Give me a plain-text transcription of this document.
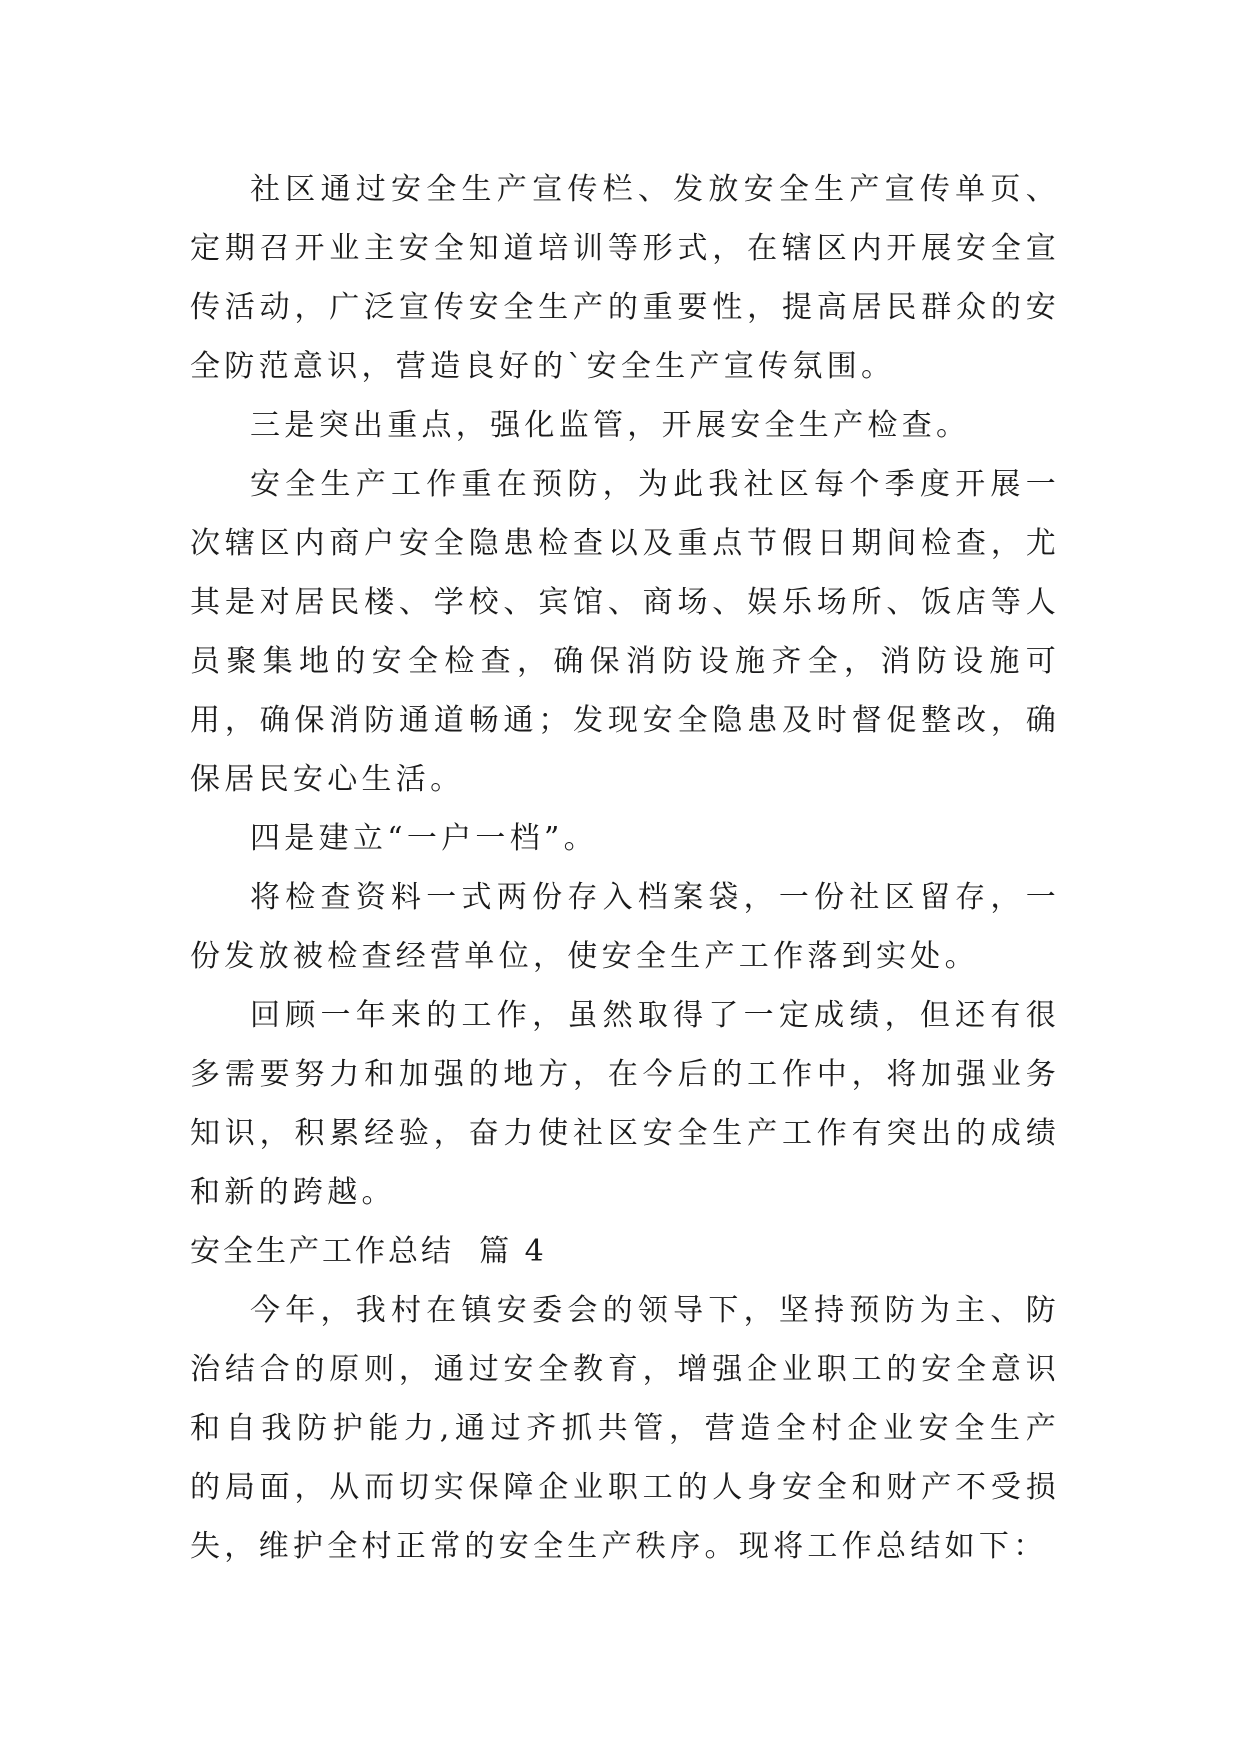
社区通过安全生产宣传栏、发放安全生产宣传单页、定期召开业主安全知道培训等形式，在辖区内开展安全宣传活动，广泛宣传安全生产的重要性，提高居民群众的安全防范意识，营造良好的`安全生产宣传氛围。

三是突出重点，强化监管，开展安全生产检查。

安全生产工作重在预防，为此我社区每个季度开展一次辖区内商户安全隐患检查以及重点节假日期间检查，尤其是对居民楼、学校、宾馆、商场、娱乐场所、饭店等人员聚集地的安全检查，确保消防设施齐全，消防设施可用，确保消防通道畅通；发现安全隐患及时督促整改，确保居民安心生活。

四是建立“一户一档”。

将检查资料一式两份存入档案袋，一份社区留存，一份发放被检查经营单位，使安全生产工作落到实处。

回顾一年来的工作，虽然取得了一定成绩，但还有很多需要努力和加强的地方，在今后的工作中，将加强业务知识，积累经验，奋力使社区安全生产工作有突出的成绩和新的跨越。

安全生产工作总结  篇 4

今年，我村在镇安委会的领导下，坚持预防为主、防治结合的原则，通过安全教育，增强企业职工的安全意识和自我防护能力,通过齐抓共管，营造全村企业安全生产的局面，从而切实保障企业职工的人身安全和财产不受损失，维护全村正常的安全生产秩序。现将工作总结如下：
